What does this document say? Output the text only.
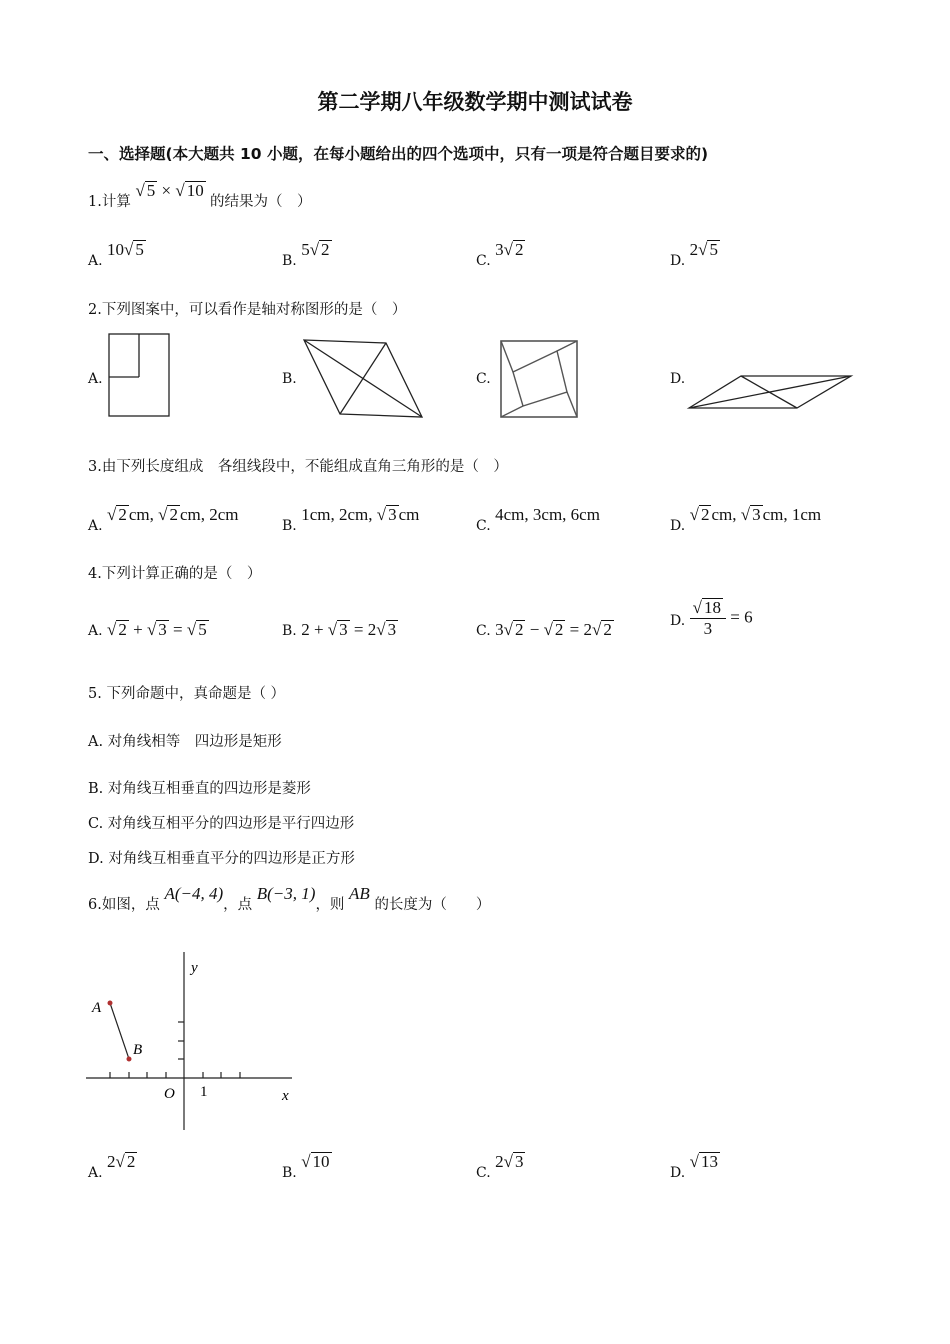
第二学期八年级数学期中测试试卷
一、选择题(本大题共 10 小题，在每小题给出的四个选项中，只有一项是符合题目要求的)
1.计算 √ 5 × √ 10 的结果为（　）
A. 10√ 5
B. 5√ 2
C. 3√ 2
D. 2√ 5
2.下列图案中，可以看作是轴对称图形的是（　）
A.	B.	C.	D.
3.由下列长度组成　各组线段中，不能组成直角三角形的是（　）
A. √ 2 cm, √ 2 cm, 2cm
B. 1cm, 2cm, √ 3 cm
C. 4cm, 3cm, 6cm
D. √ 2 cm, √ 3 cm, 1cm
4.下列计算正确的是（　）
A. √ 2 + √ 3 = √ 5	B. 2 + √ 3 = 2√ 3	C. 3√ 2 − √ 2 = 2√ 2	D. $\frac{√ 18}{3} = 6$
5. 下列命题中，真命题是（ ）
A. 对角线相等　四边形是矩形
B. 对角线互相垂直的四边形是菱形
C. 对角线互相平分的四边形是平行四边形
D. 对角线互相垂直平分的四边形是正方形
6.如图，点 A(−4, 4)，点 B(−3, 1)，则 AB 的长度为（　　）
A
B
O 1	x
y
A. 2√ 2
B. √ 10
C. 2√ 3
D. √ 13
